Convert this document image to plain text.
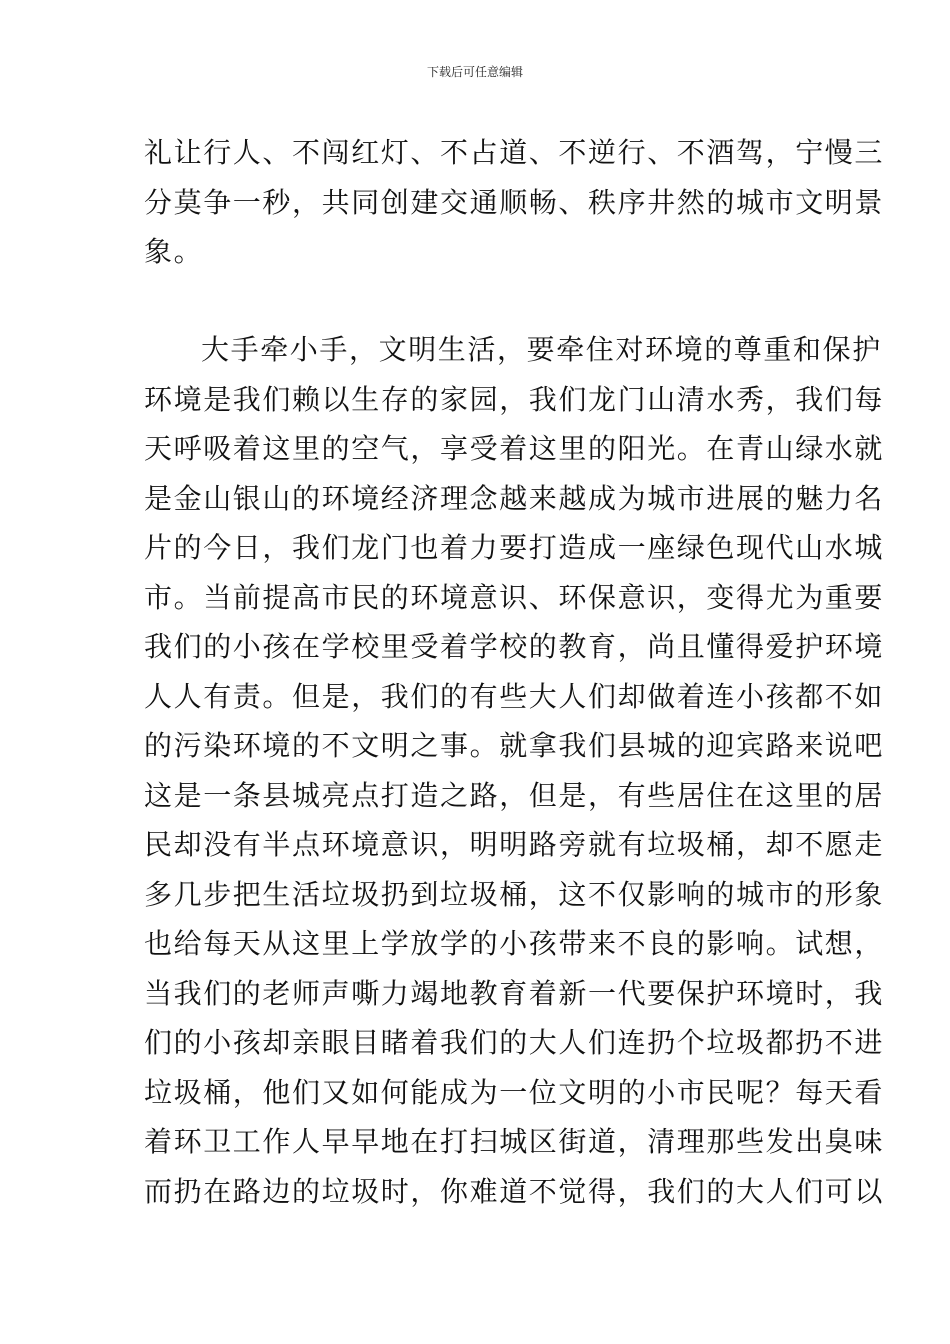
下载后可任意编辑
礼让行人、不闯红灯、不占道、不逆行、不酒驾，宁慢三
分莫争一秒，共同创建交通顺畅、秩序井然的城市文明景
象。
大手牵小手，文明生活，要牵住对环境的尊重和保护
环境是我们赖以生存的家园，我们龙门山清水秀，我们每
天呼吸着这里的空气，享受着这里的阳光。在青山绿水就
是金山银山的环境经济理念越来越成为城市进展的魅力名
片的今日，我们龙门也着力要打造成一座绿色现代山水城
市。当前提高市民的环境意识、环保意识，变得尤为重要
我们的小孩在学校里受着学校的教育，尚且懂得爱护环境
人人有责。但是，我们的有些大人们却做着连小孩都不如
的污染环境的不文明之事。就拿我们县城的迎宾路来说吧
这是一条县城亮点打造之路，但是，有些居住在这里的居
民却没有半点环境意识，明明路旁就有垃圾桶，却不愿走
多几步把生活垃圾扔到垃圾桶，这不仅影响的城市的形象
也给每天从这里上学放学的小孩带来不良的影响。试想，
当我们的老师声嘶力竭地教育着新一代要保护环境时，我
们的小孩却亲眼目睹着我们的大人们连扔个垃圾都扔不进
垃圾桶，他们又如何能成为一位文明的小市民呢？每天看
着环卫工作人早早地在打扫城区街道，清理那些发出臭味
而扔在路边的垃圾时，你难道不觉得，我们的大人们可以
